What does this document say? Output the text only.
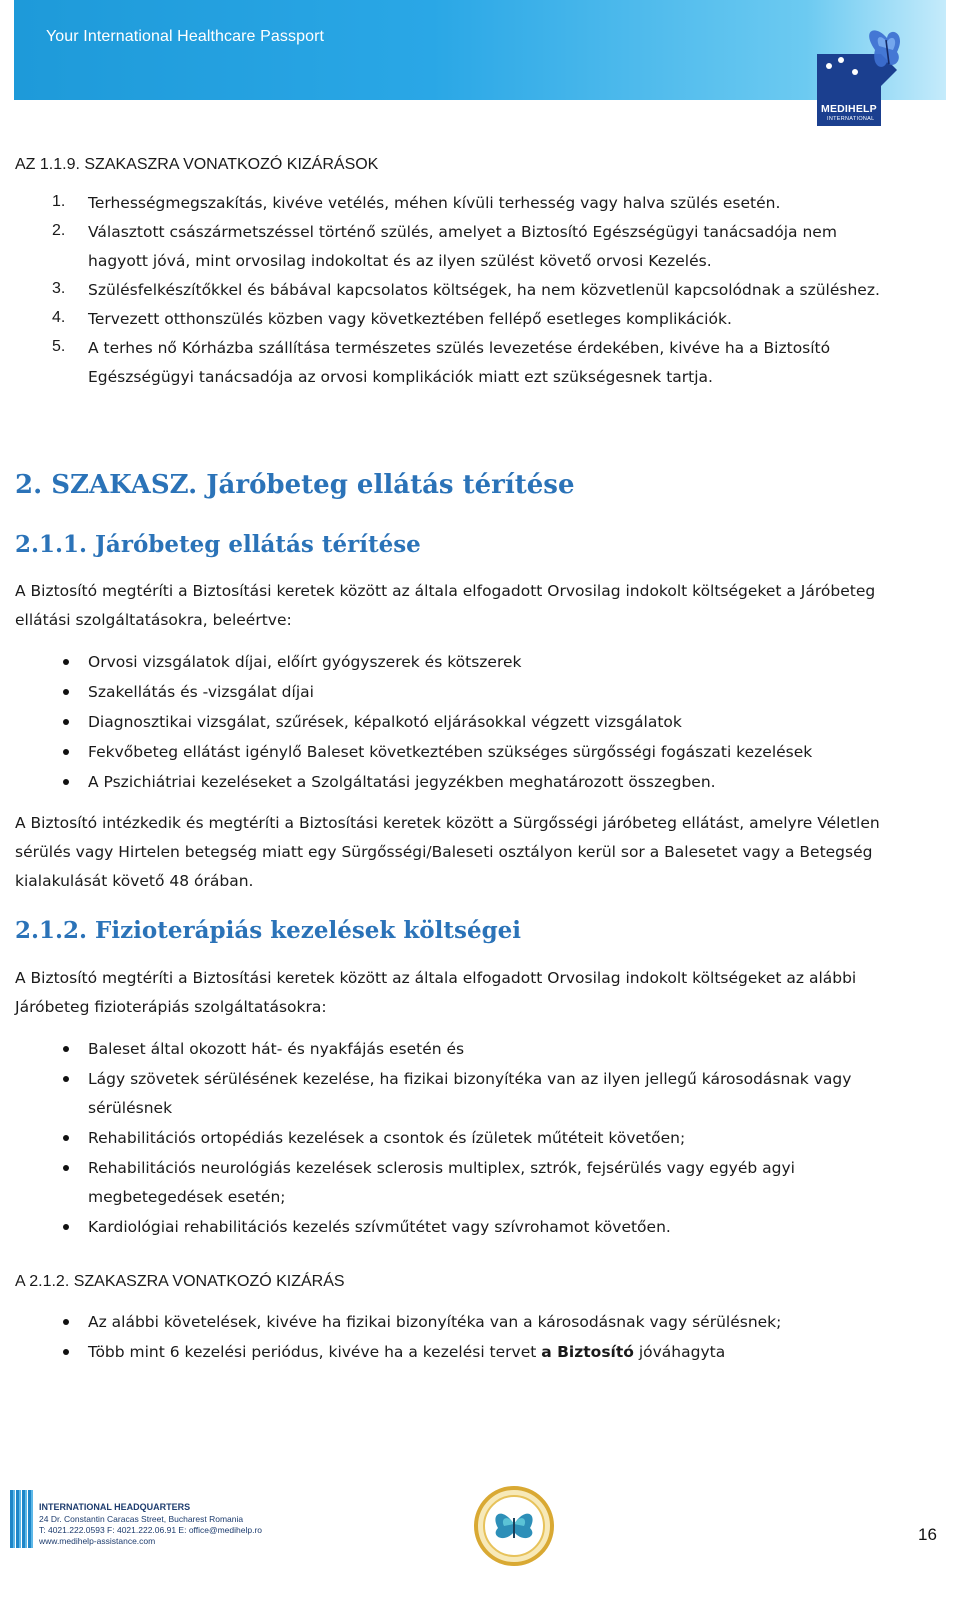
Your International Healthcare Passport
MEDIHELP
INTERNATIONAL
AZ 1.1.9. SZAKASZRA VONATKOZÓ KIZÁRÁSOK
1. Terhességmegszakítás, kivéve vetélés, méhen kívüli terhesség vagy halva szülés esetén.
2. Választott császármetszéssel történő szülés, amelyet a Biztosító Egészségügyi tanácsadója nem
hagyott jóvá, mint orvosilag indokoltat és az ilyen szülést követő orvosi Kezelés.
3. Szülésfelkészítőkkel és bábával kapcsolatos költségek, ha nem közvetlenül kapcsolódnak a szüléshez.
4. Tervezett otthonszülés közben vagy következtében fellépő esetleges komplikációk.
5. A terhes nő Kórházba szállítása természetes szülés levezetése érdekében, kivéve ha a Biztosító
Egészségügyi tanácsadója az orvosi komplikációk miatt ezt szükségesnek tartja.
2. SZAKASZ. Járóbeteg ellátás térítése
2.1.1. Járóbeteg ellátás térítése
A Biztosító megtéríti a Biztosítási keretek között az általa elfogadott Orvosilag indokolt költségeket a Járóbeteg
ellátási szolgáltatásokra, beleértve:
Orvosi vizsgálatok díjai, előírt gyógyszerek és kötszerek
Szakellátás és -vizsgálat díjai
Diagnosztikai vizsgálat, szűrések, képalkotó eljárásokkal végzett vizsgálatok
Fekvőbeteg ellátást igénylő Baleset következtében szükséges sürgősségi fogászati kezelések
A Pszichiátriai kezeléseket a Szolgáltatási jegyzékben meghatározott összegben.
A Biztosító intézkedik és megtéríti a Biztosítási keretek között a Sürgősségi járóbeteg ellátást, amelyre Véletlen
sérülés vagy Hirtelen betegség miatt egy Sürgősségi/Baleseti osztályon kerül sor a Balesetet vagy a Betegség
kialakulását követő 48 órában.
2.1.2. Fizioterápiás kezelések költségei
A Biztosító megtéríti a Biztosítási keretek között az általa elfogadott Orvosilag indokolt költségeket az alábbi
Járóbeteg fizioterápiás szolgáltatásokra:
Baleset által okozott hát- és nyakfájás esetén és
Lágy szövetek sérülésének kezelése, ha fizikai bizonyítéka van az ilyen jellegű károsodásnak vagy
sérülésnek
Rehabilitációs ortopédiás kezelések a csontok és ízületek műtéteit követően;
Rehabilitációs neurológiás kezelések sclerosis multiplex, sztrók, fejsérülés vagy egyéb agyi
megbetegedések esetén;
Kardiológiai rehabilitációs kezelés szívműtétet vagy szívrohamot követően.
A 2.1.2. SZAKASZRA VONATKOZÓ KIZÁRÁS
Az alábbi követelések, kivéve ha fizikai bizonyítéka van a károsodásnak vagy sérülésnek;
Több mint 6 kezelési periódus, kivéve ha a kezelési tervet a Biztosító jóváhagyta
INTERNATIONAL HEADQUARTERS
24 Dr. Constantin Caracas Street, Bucharest Romania
T: 4021.222.0593 F: 4021.222.06.91 E: office@medihelp.ro
www.medihelp-assistance.com	16
